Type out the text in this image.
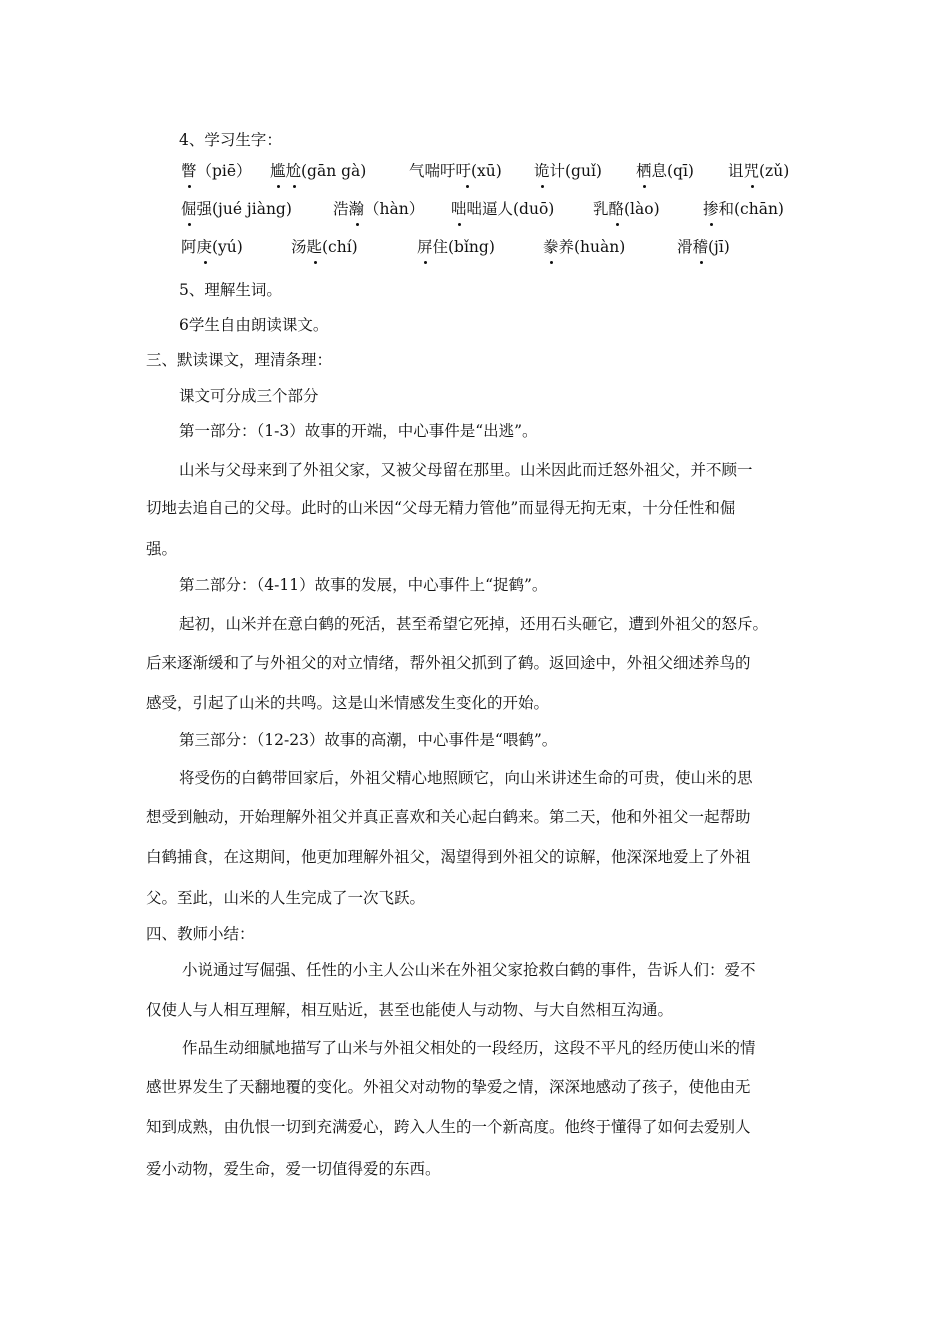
4、学习生字：
瞥（piē） 尴尬(gān gà)	气喘吁吁(xū) 诡计(guǐ) 栖息(qī) 诅咒(zǔ)
倔强(jué jiàng)	浩瀚（hàn） 咄咄逼人(duō) 乳酪(lào)	掺和(chān)
阿庚(yú)	汤匙(chí)	屏住(bǐng)	豢养(huàn)	滑稽(jī)
5、理解生词。
6学生自由朗读课文。
三、默读课文，理清条理：
课文可分成三个部分
第一部分：（1-3）故事的开端，中心事件是“出逃”。
山米与父母来到了外祖父家，又被父母留在那里。山米因此而迁怒外祖父，并不顾一
切地去追自己的父母。此时的山米因“父母无精力管他”而显得无拘无束，十分任性和倔
强。
第二部分：（4-11）故事的发展，中心事件上“捉鹤”。
起初，山米并在意白鹤的死活，甚至希望它死掉，还用石头砸它，遭到外祖父的怒斥。
后来逐渐缓和了与外祖父的对立情绪，帮外祖父抓到了鹤。返回途中，外祖父细述养鸟的
感受，引起了山米的共鸣。这是山米情感发生变化的开始。
第三部分：（12-23）故事的高潮，中心事件是“喂鹤”。
将受伤的白鹤带回家后，外祖父精心地照顾它，向山米讲述生命的可贵，使山米的思
想受到触动，开始理解外祖父并真正喜欢和关心起白鹤来。第二天，他和外祖父一起帮助
白鹤捕食，在这期间，他更加理解外祖父，渴望得到外祖父的谅解，他深深地爱上了外祖
父。至此，山米的人生完成了一次飞跃。
四、教师小结：
小说通过写倔强、任性的小主人公山米在外祖父家抢救白鹤的事件，告诉人们：爱不
仅使人与人相互理解，相互贴近，甚至也能使人与动物、与大自然相互沟通。
作品生动细腻地描写了山米与外祖父相处的一段经历，这段不平凡的经历使山米的情
感世界发生了天翻地覆的变化。外祖父对动物的挚爱之情，深深地感动了孩子，使他由无
知到成熟，由仇恨一切到充满爱心，跨入人生的一个新高度。他终于懂得了如何去爱别人
爱小动物，爱生命，爱一切值得爱的东西。
